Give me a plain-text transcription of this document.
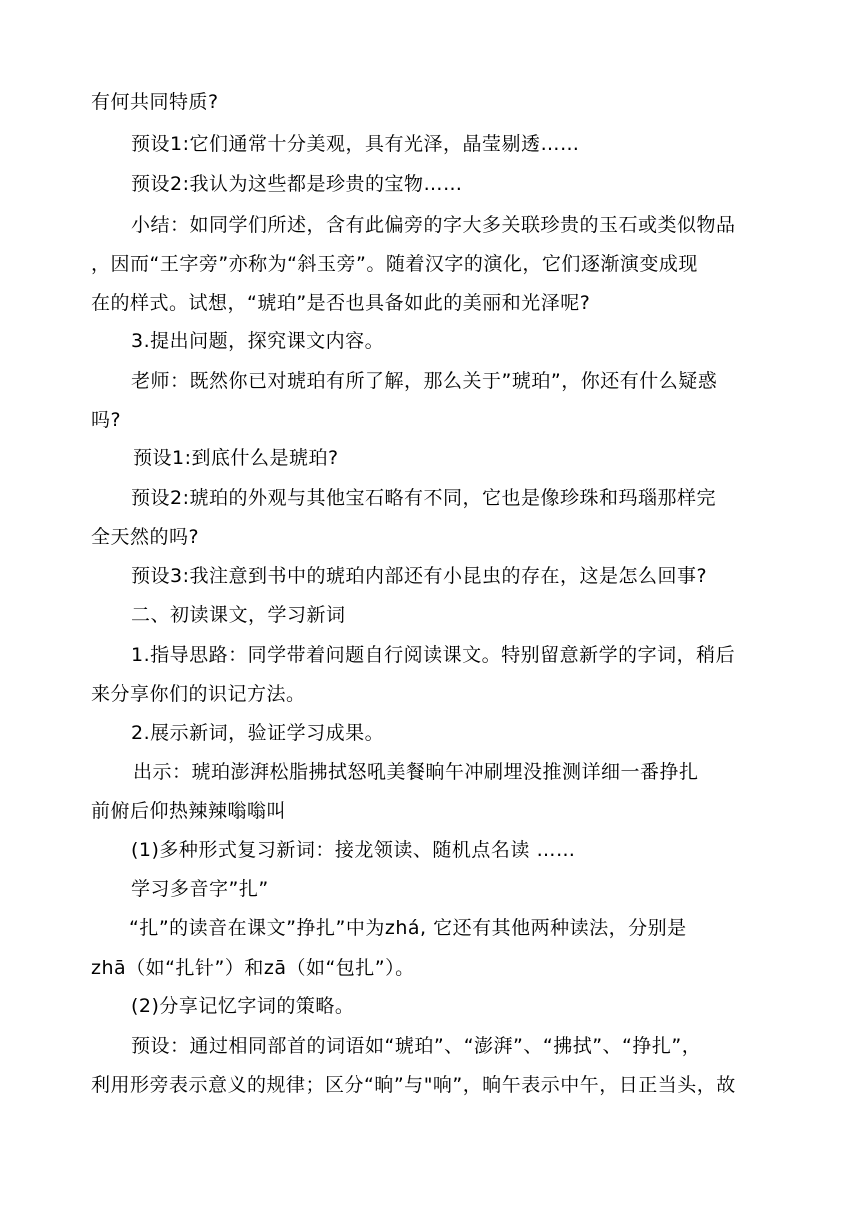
有何共同特质?
预设1:它们通常十分美观，具有光泽，晶莹剔透……
预设2:我认为这些都是珍贵的宝物……
小结：如同学们所述，含有此偏旁的字大多关联珍贵的玉石或类似物品
，因而“王字旁”亦称为“斜玉旁”。随着汉字的演化，它们逐渐演变成现
在的样式。试想，“琥珀”是否也具备如此的美丽和光泽呢?
3.提出问题，探究课文内容。
老师：既然你已对琥珀有所了解，那么关于”琥珀”，你还有什么疑惑
吗?
预设1:到底什么是琥珀?
预设2:琥珀的外观与其他宝石略有不同，它也是像珍珠和玛瑙那样完
全天然的吗?
预设3:我注意到书中的琥珀内部还有小昆虫的存在，这是怎么回事?
二、初读课文，学习新词
1.指导思路：同学带着问题自行阅读课文。特别留意新学的字词，稍后
来分享你们的识记方法。
2.展示新词，验证学习成果。
出示：琥珀澎湃松脂拂拭怒吼美餐晌午冲刷埋没推测详细一番挣扎
前俯后仰热辣辣嗡嗡叫
(1)多种形式复习新词：接龙领读、随机点名读 ……
学习多音字”扎”
“扎”的读音在课文”挣扎”中为zhá, 它还有其他两种读法，分别是
zhā（如“扎针”）和zā（如“包扎”）。
(2)分享记忆字词的策略。
预设：通过相同部首的词语如“琥珀”、“澎湃”、“拂拭”、“挣扎”，
利用形旁表示意义的规律；区分“晌”与"响”，晌午表示中午，日正当头，故
